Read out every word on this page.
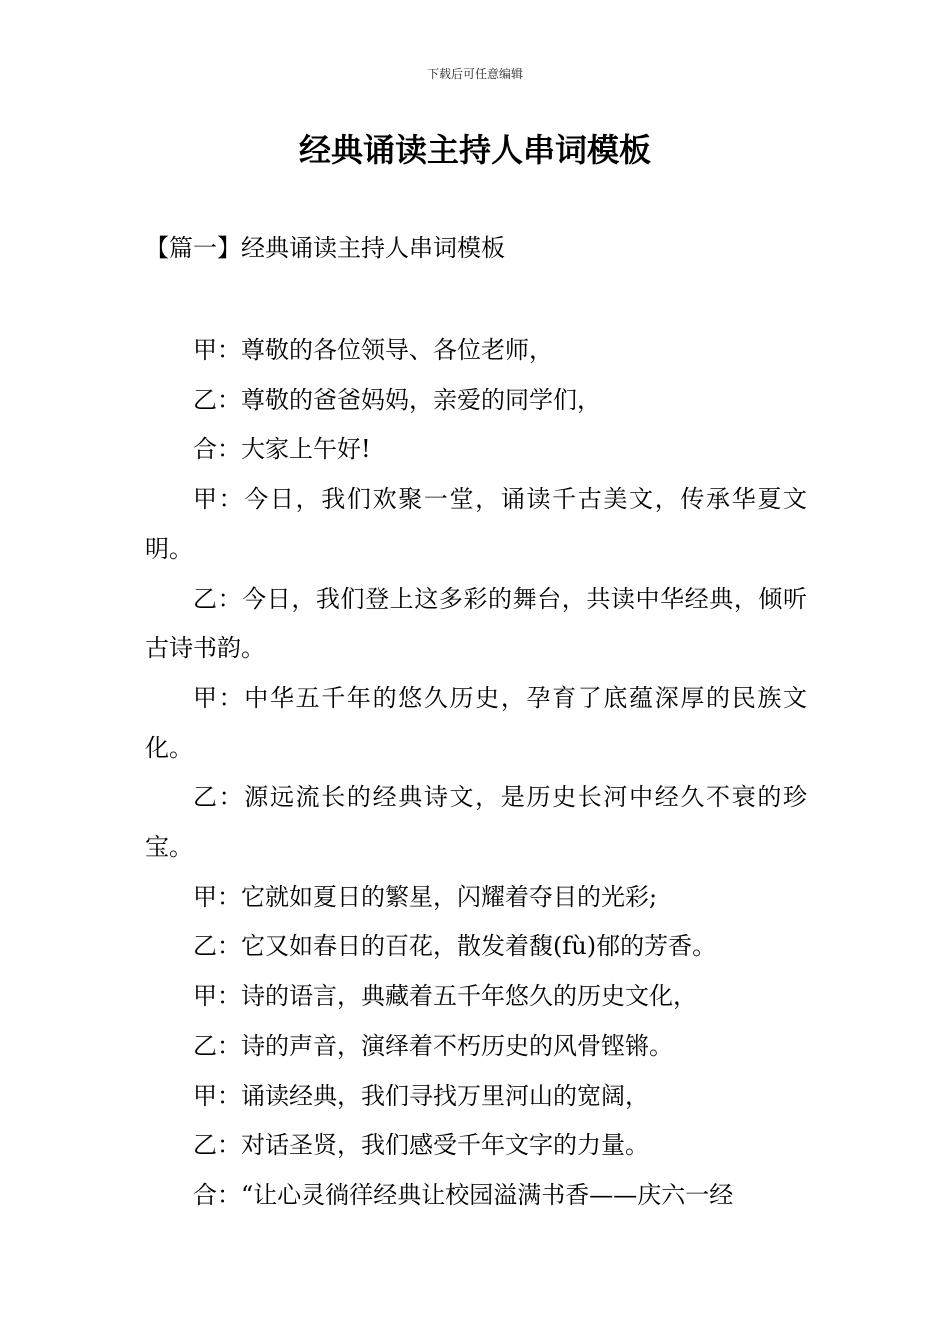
下载后可任意编辑
经典诵读主持人串词模板
【篇一】经典诵读主持人串词模板

甲：尊敬的各位领导、各位老师，

乙：尊敬的爸爸妈妈，亲爱的同学们，

合：大家上午好!

甲：今日，我们欢聚一堂，诵读千古美文，传承华夏文明。

乙：今日，我们登上这多彩的舞台，共读中华经典，倾听古诗书韵。

甲：中华五千年的悠久历史，孕育了底蕴深厚的民族文化。

乙：源远流长的经典诗文，是历史长河中经久不衰的珍宝。

甲：它就如夏日的繁星，闪耀着夺目的光彩;

乙：它又如春日的百花，散发着馥(fù)郁的芳香。

甲：诗的语言，典藏着五千年悠久的历史文化，

乙：诗的声音，演绎着不朽历史的风骨铿锵。

甲：诵读经典，我们寻找万里河山的宽阔，

乙：对话圣贤，我们感受千年文字的力量。

合：“让心灵徜徉经典让校园溢满书香——庆六一经
